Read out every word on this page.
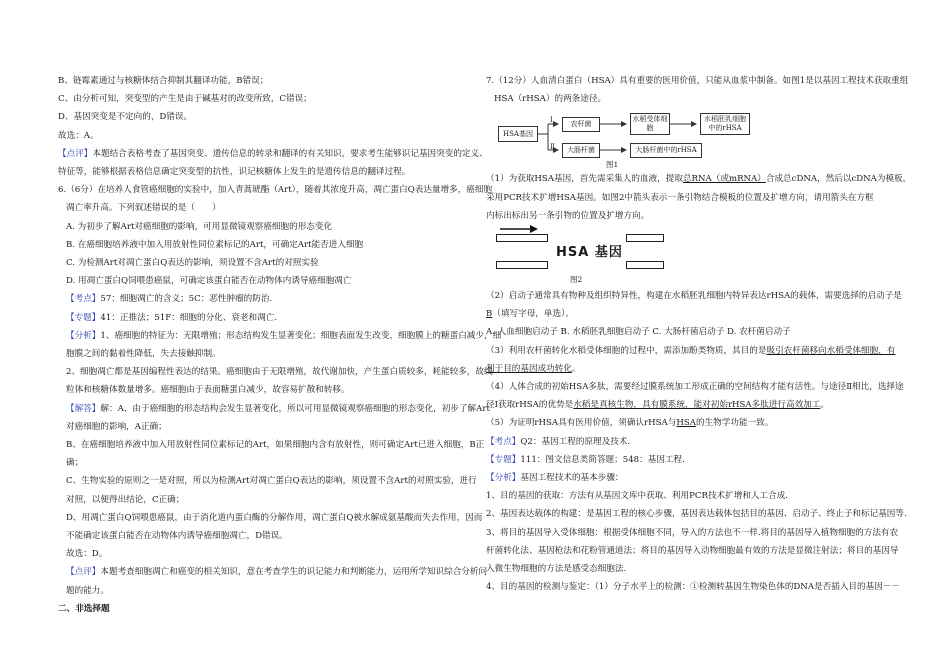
B、链霉素通过与核糖体结合抑制其翻译功能，B错误；
C、由分析可知，突变型的产生是由于碱基对的改变所致，C错误；
D、基因突变是不定向的，D错误。
故选：A。
【点评】本题结合表格考查了基因突变、遗传信息的转录和翻译的有关知识，要求考生能够识记基因突变的定义、
特征等，能够根据表格信息确定突变型的抗性，识记核糖体上发生的是遗传信息的翻译过程。
6.（6分）在培养人食管癌细胞的实验中，加入青蒿琥酯（Art），随着其浓度升高，凋亡蛋白Q表达量增多，癌细胞
凋亡率升高。下列叙述错误的是（　　）
A. 为初步了解Art对癌细胞的影响，可用显微镜观察癌细胞的形态变化
B. 在癌细胞培养液中加入用放射性同位素标记的Art，可确定Art能否进入细胞
C. 为检测Art对凋亡蛋白Q表达的影响，须设置不含Art的对照实验
D. 用凋亡蛋白Q饲喂患癌鼠，可确定该蛋白能否在动物体内诱导癌细胞凋亡
【考点】57：细胞凋亡的含义；5C：恶性肿瘤的防治.
【专题】41：正推法；51F：细胞的分化、衰老和凋亡.
【分析】1、癌细胞的特征为：无限增殖；形态结构发生显著变化；细胞表面发生改变，细胞膜上的糖蛋白减少，细
胞膜之间的黏着性降低，失去接触抑制。
2、细胞凋亡都是基因编程性表达的结果。癌细胞由于无限增殖，故代谢加快，产生蛋白质较多，耗能较多，故线
粒体和核糖体数量增多。癌细胞由于表面糖蛋白减少，故容易扩散和转移。
【解答】解：A、由于癌细胞的形态结构会发生显著变化，所以可用显微镜观察癌细胞的形态变化，初步了解Art
对癌细胞的影响，A正确；
B、在癌细胞培养液中加入用放射性同位素标记的Art，如果细胞内含有放射性，则可确定Art已进入细胞，B正
确；
C、生物实验的原则之一是对照，所以为检测Art对凋亡蛋白Q表达的影响，须设置不含Art的对照实验，进行
对照，以便得出结论，C正确；
D、用凋亡蛋白Q饲喂患癌鼠，由于消化道内蛋白酶的分解作用，凋亡蛋白Q被水解成氨基酸而失去作用，因而
不能确定该蛋白能否在动物体内诱导癌细胞凋亡，D错误。
故选：D。
【点评】本题考查细胞凋亡和癌变的相关知识，意在考查学生的识记能力和判断能力，运用所学知识综合分析问
题的能力。
二、非选择题
7.（12分）人血清白蛋白（HSA）具有重要的医用价值，只能从血浆中制备。如图1是以基因工程技术获取重组
HSA（rHSA）的两条途径。
HSA基因
Ⅰ
Ⅱ
农杆菌
水稻受体细胞
水稻胚乳细胞中的rHSA
大肠杆菌	大肠杆菌中的rHSA
图1
（1）为获取HSA基因，首先需采集人的血液，提取总RNA（或mRNA）合成总cDNA，然后以cDNA为模板，
采用PCR技术扩增HSA基因。如图2中箭头表示一条引物结合模板的位置及扩增方向，请用箭头在方框
内标出标出另一条引物的位置及扩增方向。
HSA 基因
图2
（2）启动子通常具有物种及组织特异性，构建在水稻胚乳细胞内特异表达rHSA的载体，需要选择的启动子是
B（填写字母，单选）。
A. 人血细胞启动子 B. 水稻胚乳细胞启动子 C. 大肠杆菌启动子 D. 农杆菌启动子
（3）利用农杆菌转化水稻受体细胞的过程中，需添加酚类物质，其目的是吸引农杆菌移向水稻受体细胞，有
利于目的基因成功转化。
（4）人体合成的初始HSA多肽，需要经过膜系统加工形成正确的空间结构才能有活性。与途径Ⅱ相比，选择途
径Ⅰ获取rHSA的优势是水稻是真核生物，具有膜系统，能对初始rHSA多肽进行高效加工。
（5）为证明rHSA具有医用价值，须确认rHSA与HSA的生物学功能一致。
【考点】Q2：基因工程的原理及技术.
【专题】111：图文信息类简答题；548：基因工程.
【分析】基因工程技术的基本步骤：
1、目的基因的获取：方法有从基因文库中获取、利用PCR技术扩增和人工合成.
2、基因表达载体的构建：是基因工程的核心步骤，基因表达载体包括目的基因、启动子、终止子和标记基因等.
3、将目的基因导入受体细胞：根据受体细胞不同，导入的方法也不一样.将目的基因导入植物细胞的方法有农
杆菌转化法、基因枪法和花粉管通道法；将目的基因导入动物细胞最有效的方法是显微注射法；将目的基因导
入微生物细胞的方法是感受态细胞法.
4、目的基因的检测与鉴定：（1）分子水平上的检测：①检测转基因生物染色体的DNA是否插入目的基因－－
